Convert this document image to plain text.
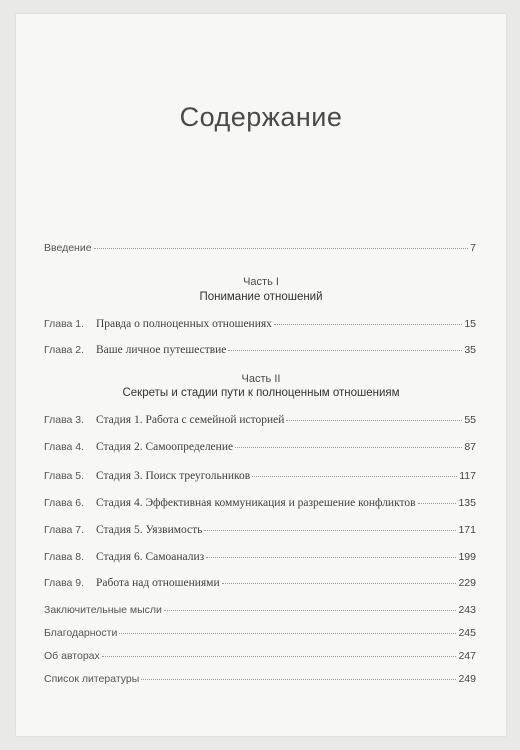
Содержание
Введение	7
Часть I
Понимание отношений
Глава 1.	Правда о полноценных отношениях	15
Глава 2.	Ваше личное путешествие	35
Часть II
Секреты и стадии пути к полноценным отношениям
Глава 3.	Стадия 1. Работа с семейной историей	55
Глава 4.	Стадия 2. Самоопределение	87
Глава 5.	Стадия 3. Поиск треугольников	117
Глава 6.	Стадия 4. Эффективная коммуникация и разрешение конфликтов	135
Глава 7.	Стадия 5. Уязвимость	171
Глава 8.	Стадия 6. Самоанализ	199
Глава 9.	Работа над отношениями	229
Заключительные мысли	243
Благодарности	245
Об авторах	247
Список литературы	249
